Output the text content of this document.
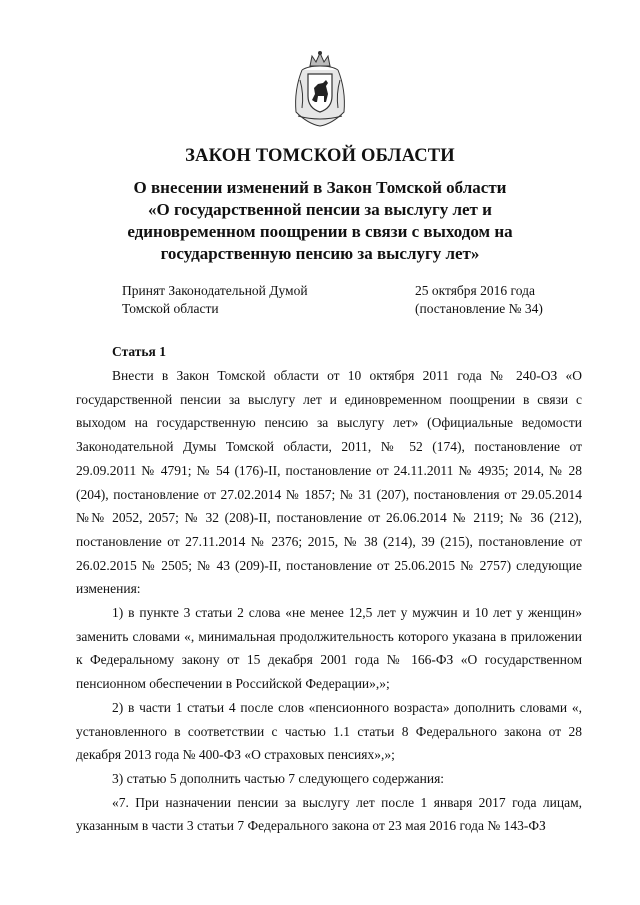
ЗАКОН ТОМСКОЙ ОБЛАСТИ
О внесении изменений в Закон Томской области
«О государственной пенсии за выслугу лет и
единовременном поощрении в связи с выходом на
государственную пенсию за выслугу лет»
Принят Законодательной Думой
Томской области
25 октября 2016 года
(постановление № 34)
Статья 1

Внести в Закон Томской области от 10 октября 2011 года № 240-ОЗ «О государственной пенсии за выслугу лет и единовременном поощрении в связи с выходом на государственную пенсию за выслугу лет» (Официальные ведомости Законодательной Думы Томской области, 2011, № 52 (174), постановление от 29.09.2011 № 4791; № 54 (176)-II, постановление от 24.11.2011 № 4935; 2014, № 28 (204), постановление от 27.02.2014 № 1857; № 31 (207), постановления от 29.05.2014 №№ 2052, 2057; № 32 (208)-II, постановление от 26.06.2014 № 2119; № 36 (212), постановление от 27.11.2014 № 2376; 2015, № 38 (214), 39 (215), постановление от 26.02.2015 № 2505; № 43 (209)-II, постановление от 25.06.2015 № 2757) следующие изменения:

1) в пункте 3 статьи 2 слова «не менее 12,5 лет у мужчин и 10 лет у женщин» заменить словами «, минимальная продолжительность которого указана в приложении к Федеральному закону от 15 декабря 2001 года № 166-ФЗ «О государственном пенсионном обеспечении в Российской Федерации»,»;

2) в части 1 статьи 4 после слов «пенсионного возраста» дополнить словами «, установленного в соответствии с частью 1.1 статьи 8 Федерального закона от 28 декабря 2013 года № 400-ФЗ «О страховых пенсиях»,»;

3) статью 5 дополнить частью 7 следующего содержания:

«7. При назначении пенсии за выслугу лет после 1 января 2017 года лицам, указанным в части 3 статьи 7 Федерального закона от 23 мая 2016 года № 143-ФЗ
